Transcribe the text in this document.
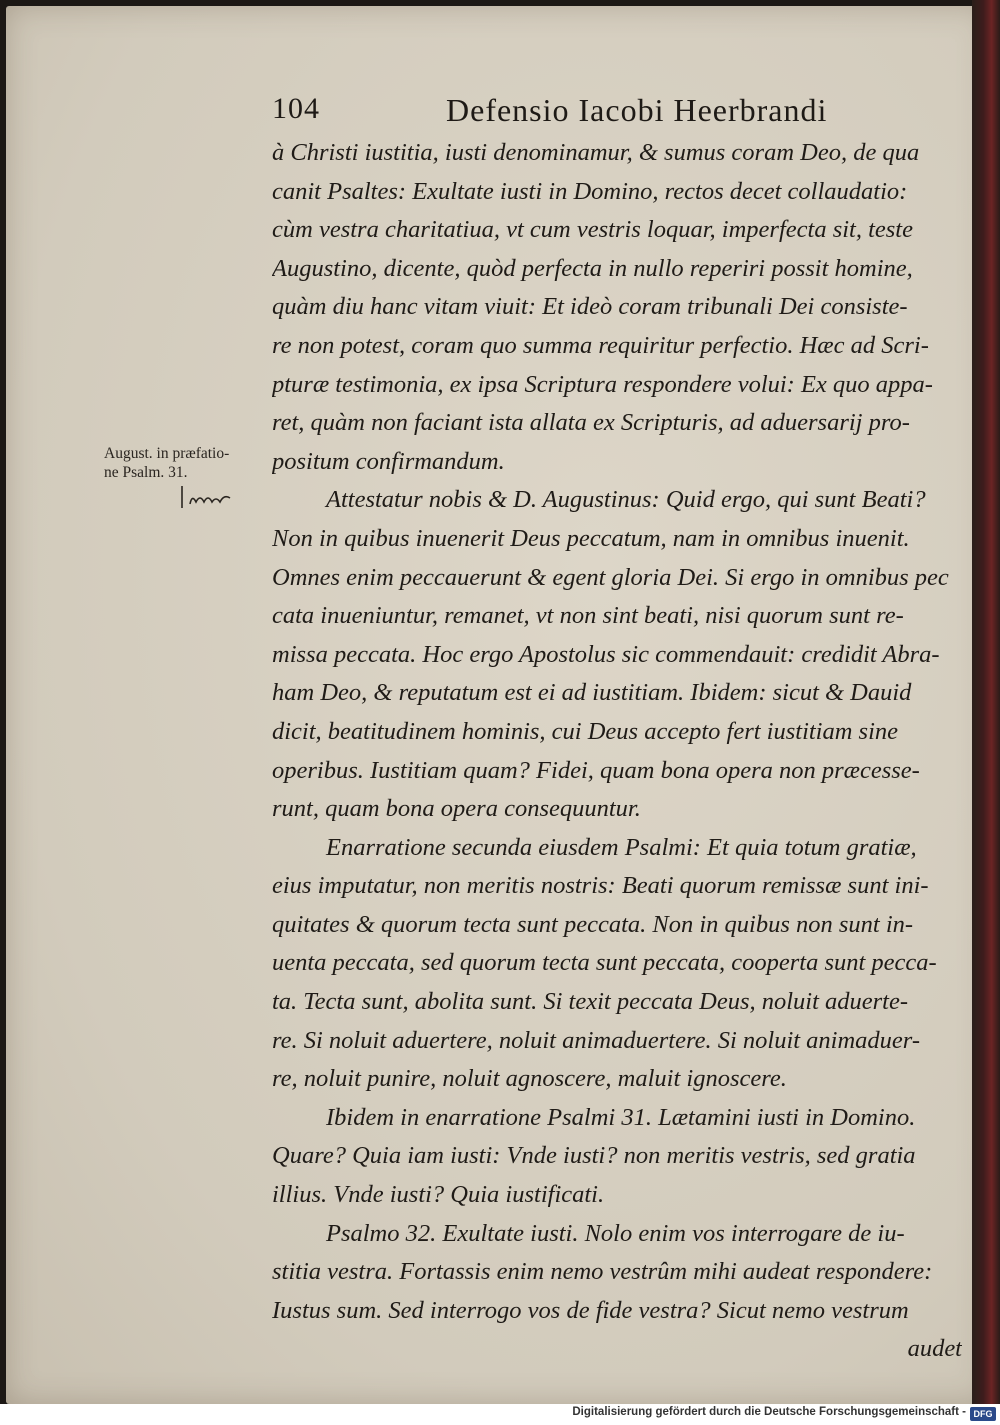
104	Defensio Iacobi Heerbrandi
August. in præfatio-
ne Psalm. 31.
à Christi iustitia, iusti denominamur, & sumus coram Deo, de qua
canit Psaltes: Exultate iusti in Domino, rectos decet collaudatio:
cùm vestra charitatiua, vt cum vestris loquar, imperfecta sit, teste
Augustino, dicente, quòd perfecta in nullo reperiri possit homine,
quàm diu hanc vitam viuit: Et ideò coram tribunali Dei consiste-
re non potest, coram quo summa requiritur perfectio. Hæc ad Scri-
pturæ testimonia, ex ipsa Scriptura respondere volui: Ex quo appa-
ret, quàm non faciant ista allata ex Scripturis, ad aduersarij pro-
positum confirmandum.
Attestatur nobis & D. Augustinus: Quid ergo, qui sunt Beati?
Non in quibus inuenerit Deus peccatum, nam in omnibus inuenit.
Omnes enim peccauerunt & egent gloria Dei. Si ergo in omnibus pec
cata inueniuntur, remanet, vt non sint beati, nisi quorum sunt re-
missa peccata. Hoc ergo Apostolus sic commendauit: credidit Abra-
ham Deo, & reputatum est ei ad iustitiam. Ibidem: sicut & Dauid
dicit, beatitudinem hominis, cui Deus accepto fert iustitiam sine
operibus. Iustitiam quam? Fidei, quam bona opera non præcesse-
runt, quam bona opera consequuntur.
Enarratione secunda eiusdem Psalmi: Et quia totum gratiæ,
eius imputatur, non meritis nostris: Beati quorum remissæ sunt ini-
quitates & quorum tecta sunt peccata. Non in quibus non sunt in-
uenta peccata, sed quorum tecta sunt peccata, cooperta sunt pecca-
ta. Tecta sunt, abolita sunt. Si texit peccata Deus, noluit aduerte-
re. Si noluit aduertere, noluit animaduertere. Si noluit animaduer-
re, noluit punire, noluit agnoscere, maluit ignoscere.
Ibidem in enarratione Psalmi 31. Lætamini iusti in Domino.
Quare? Quia iam iusti: Vnde iusti? non meritis vestris, sed gratia
illius. Vnde iusti? Quia iustificati.
Psalmo 32. Exultate iusti. Nolo enim vos interrogare de iu-
stitia vestra. Fortassis enim nemo vestrûm mihi audeat respondere:
Iustus sum. Sed interrogo vos de fide vestra? Sicut nemo vestrum
audet
Digitalisierung gefördert durch die Deutsche Forschungsgemeinschaft - DFG
